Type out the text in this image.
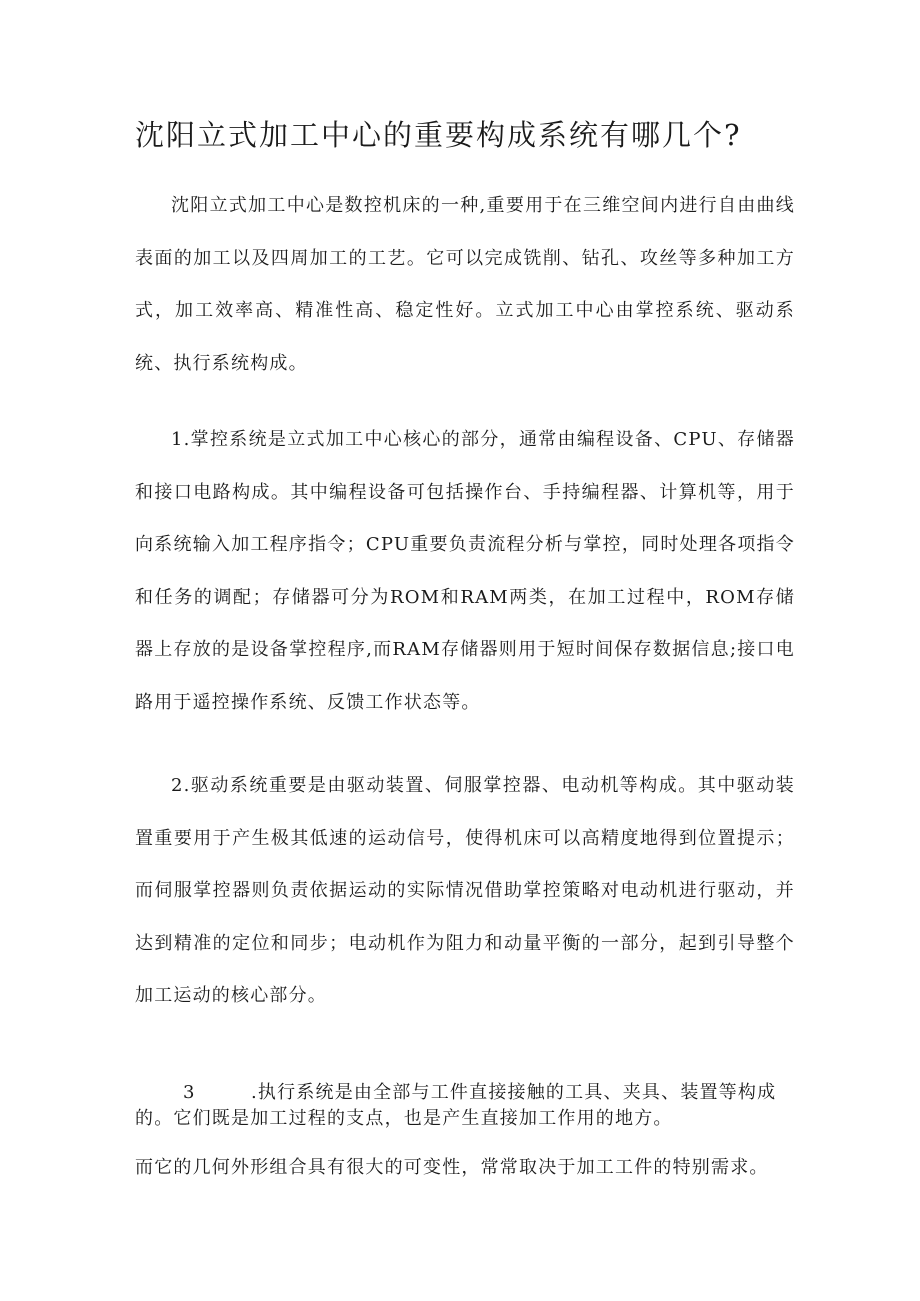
沈阳立式加工中心的重要构成系统有哪几个?

沈阳立式加工中心是数控机床的一种,重要用于在三维空间内进行自由曲线表面的加工以及四周加工的工艺。它可以完成铣削、钻孔、攻丝等多种加工方式，加工效率高、精准性高、稳定性好。立式加工中心由掌控系统、驱动系统、执行系统构成。

1.掌控系统是立式加工中心核心的部分，通常由编程设备、CPU、存储器和接口电路构成。其中编程设备可包括操作台、手持编程器、计算机等，用于向系统输入加工程序指令；CPU重要负责流程分析与掌控，同时处理各项指令和任务的调配；存储器可分为ROM和RAM两类，在加工过程中，ROM存储器上存放的是设备掌控程序,而RAM存储器则用于短时间保存数据信息;接口电路用于遥控操作系统、反馈工作状态等。

2.驱动系统重要是由驱动装置、伺服掌控器、电动机等构成。其中驱动装置重要用于产生极其低速的运动信号，使得机床可以高精度地得到位置提示；而伺服掌控器则负责依据运动的实际情况借助掌控策略对电动机进行驱动，并达到精准的定位和同步；电动机作为阻力和动量平衡的一部分，起到引导整个加工运动的核心部分。

3	.执行系统是由全部与工件直接接触的工具、夹具、装置等构成
的。它们既是加工过程的支点，也是产生直接加工作用的地方。

而它的几何外形组合具有很大的可变性，常常取决于加工工件的特别需求。
